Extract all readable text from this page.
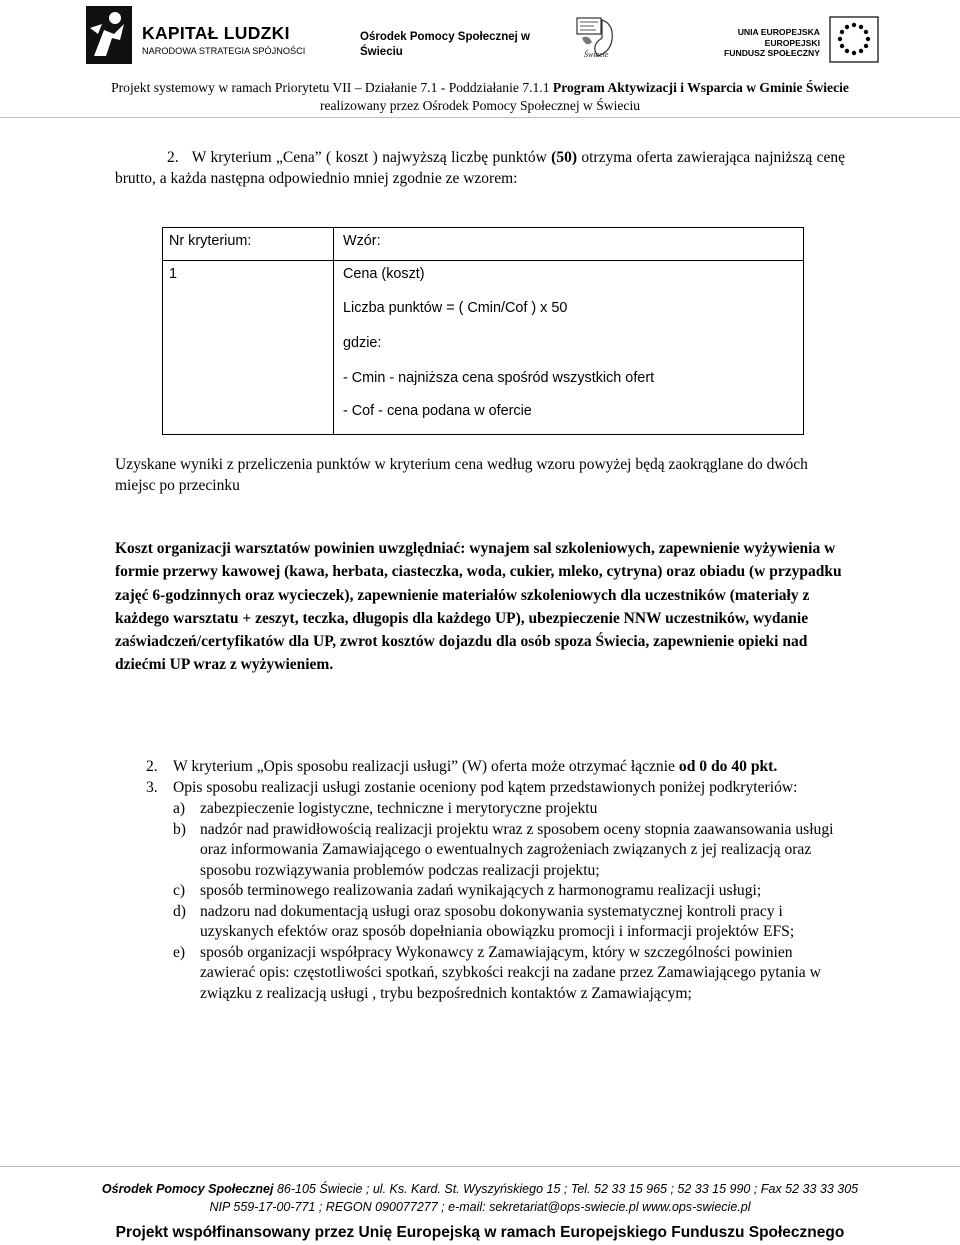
KAPITAŁ LUDZKI
NARODOWA STRATEGIA SPÓJNOŚCI
Ośrodek Pomocy Społecznej w Świeciu	Świecie
UNIA EUROPEJSKA
EUROPEJSKI
FUNDUSZ SPOŁECZNY
Projekt systemowy w ramach Priorytetu VII – Działanie 7.1 - Poddziałanie 7.1.1 Program Aktywizacji i Wsparcia w Gminie Świecie
realizowany przez Ośrodek Pomocy Społecznej w Świeciu
2. W kryterium „Cena” ( koszt ) najwyższą liczbę punktów (50) otrzyma oferta zawierająca najniższą cenę brutto, a każda następna odpowiednio mniej zgodnie ze wzorem:
Nr kryterium:	Wzór:
1	Cena (koszt)
Liczba punktów = ( Cmin/Cof ) x 50
gdzie:
- Cmin - najniższa cena spośród wszystkich ofert
- Cof - cena podana w ofercie
Uzyskane wyniki z przeliczenia punktów w kryterium cena według wzoru powyżej będą zaokrąglane do dwóch miejsc po przecinku
Koszt organizacji warsztatów powinien uwzględniać: wynajem sal szkoleniowych, zapewnienie wyżywienia w formie przerwy kawowej (kawa, herbata, ciasteczka, woda, cukier, mleko, cytryna) oraz obiadu (w przypadku zajęć 6-godzinnych oraz wycieczek), zapewnienie materiałów szkoleniowych dla uczestników (materiały z każdego warsztatu + zeszyt, teczka, długopis dla każdego UP), ubezpieczenie NNW uczestników, wydanie zaświadczeń/certyfikatów dla UP, zwrot kosztów dojazdu dla osób spoza Świecia, zapewnienie opieki nad dziećmi UP wraz z wyżywieniem.
2. W kryterium „Opis sposobu realizacji usługi” (W) oferta może otrzymać łącznie od 0 do 40 pkt.
3. Opis sposobu realizacji usługi zostanie oceniony pod kątem przedstawionych poniżej podkryteriów:
a) zabezpieczenie logistyczne, techniczne i merytoryczne projektu
b) nadzór nad prawidłowością realizacji projektu wraz z sposobem oceny stopnia zaawansowania usługi oraz informowania Zamawiającego o ewentualnych zagrożeniach związanych z jej realizacją oraz sposobu rozwiązywania problemów podczas realizacji projektu;
c) sposób terminowego realizowania zadań wynikających z harmonogramu realizacji usługi;
d) nadzoru nad dokumentacją usługi oraz sposobu dokonywania systematycznej kontroli pracy i uzyskanych efektów oraz sposób dopełniania obowiązku promocji i informacji projektów EFS;
e) sposób organizacji współpracy Wykonawcy z Zamawiającym, który w szczególności powinien zawierać opis: częstotliwości spotkań, szybkości reakcji na zadane przez Zamawiającego pytania w związku z realizacją usługi , trybu bezpośrednich kontaktów z Zamawiającym;
Ośrodek Pomocy Społecznej 86-105 Świecie ; ul. Ks. Kard. St. Wyszyńskiego 15 ; Tel. 52 33 15 965 ; 52 33 15 990 ; Fax 52 33 33 305
NIP 559-17-00-771 ; REGON 090077277 ; e-mail: sekretariat@ops-swiecie.pl www.ops-swiecie.pl
Projekt współfinansowany przez Unię Europejską w ramach Europejskiego Funduszu Społecznego
